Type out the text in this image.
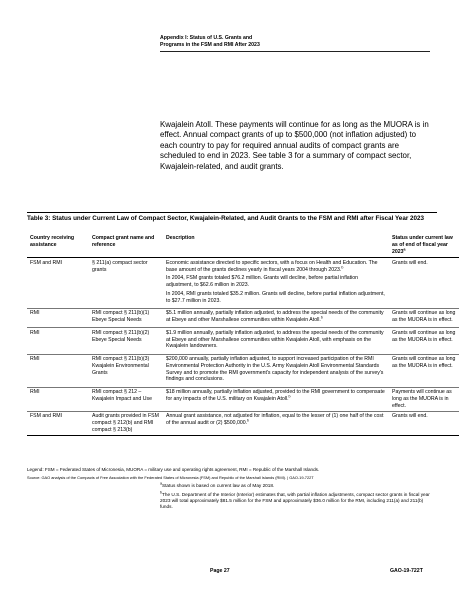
Appendix I: Status of U.S. Grants and
Programs in the FSM and RMI After 2023
Kwajalein Atoll. These payments will continue for as long as the MUORA is in effect. Annual compact grants of up to $500,000 (not inflation adjusted) to each country to pay for required annual audits of compact grants are scheduled to end in 2023. See table 3 for a summary of compact sector, Kwajalein-related, and audit grants.
Table 3: Status under Current Law of Compact Sector, Kwajalein-Related, and Audit Grants to the FSM and RMI after Fiscal Year 2023
Country receiving assistance	Compact grant name and reference	Description	Status under current law as of end of fiscal year 2023$^a$
FSM and RMI	§ 211(a) compact sector grants	Economic assistance directed to specific sectors, with a focus on Health and Education. The base amount of the grants declines yearly in fiscal years 2004 through 2023.$^b$

In 2004, FSM grants totaled $76.2 million. Grants will decline, before partial inflation adjustment, to $62.6 million in 2023.

In 2004, RMI grants totaled $35.2 million. Grants will decline, before partial inflation adjustment, to $27.7 million in 2023.	Grants will end.
RMI	RMI compact § 211(b)(1) Ebeye Special Needs	$5.1 million annually, partially inflation adjusted, to address the special needs of the community at Ebeye and other Marshallese communities within Kwajalein Atoll.$^b$	Grants will continue as long as the MUORA is in effect.
RMI	RMI compact § 211(b)(2) Ebeye Special Needs	$1.9 million annually, partially inflation adjusted, to address the special needs of the community at Ebeye and other Marshallese communities within Kwajalein Atoll, with emphasis on the Kwajalein landowners.	Grants will continue as long as the MUORA is in effect.
RMI	RMI compact § 211(b)(3) Kwajalein Environmental Grants	$200,000 annually, partially inflation adjusted, to support increased participation of the RMI Environmental Protection Authority in the U.S. Army Kwajalein Atoll Environmental Standards Survey and to promote the RMI government's capacity for independent analysis of the survey's findings and conclusions.	Grants will continue as long as the MUORA is in effect.
RMI	RMI compact § 212 – Kwajalein Impact and Use	$18 million annually, partially inflation adjusted, provided to the RMI government to compensate for any impacts of the U.S. military on Kwajalein Atoll.$^b$	Payments will continue as long as the MUORA is in effect.
FSM and RMI	Audit grants provided in FSM compact § 212(b) and RMI compact § 213(b)	Annual grant assistance, not adjusted for inflation, equal to the lesser of (1) one half of the cost of the annual audit or (2) $500,000.$^b$	Grants will end.
Legend: FSM = Federated States of Micronesia, MUORA = military use and operating rights agreement, RMI = Republic of the Marshall Islands.
Source: GAO analysis of the Compacts of Free Association with the Federated States of Micronesia (FSM) and Republic of the Marshall Islands (RMI). | GAO-19-722T
$^a$Status shown is based on current law as of May 2018.
$^b$The U.S. Department of the Interior (Interior) estimates that, with partial inflation adjustments, compact sector grants in fiscal year 2023 will total approximately $81.5 million for the FSM and approximately $36.0 million for the RMI, including 211(a) and 211(b) funds.
Page 27	GAO-19-722T
